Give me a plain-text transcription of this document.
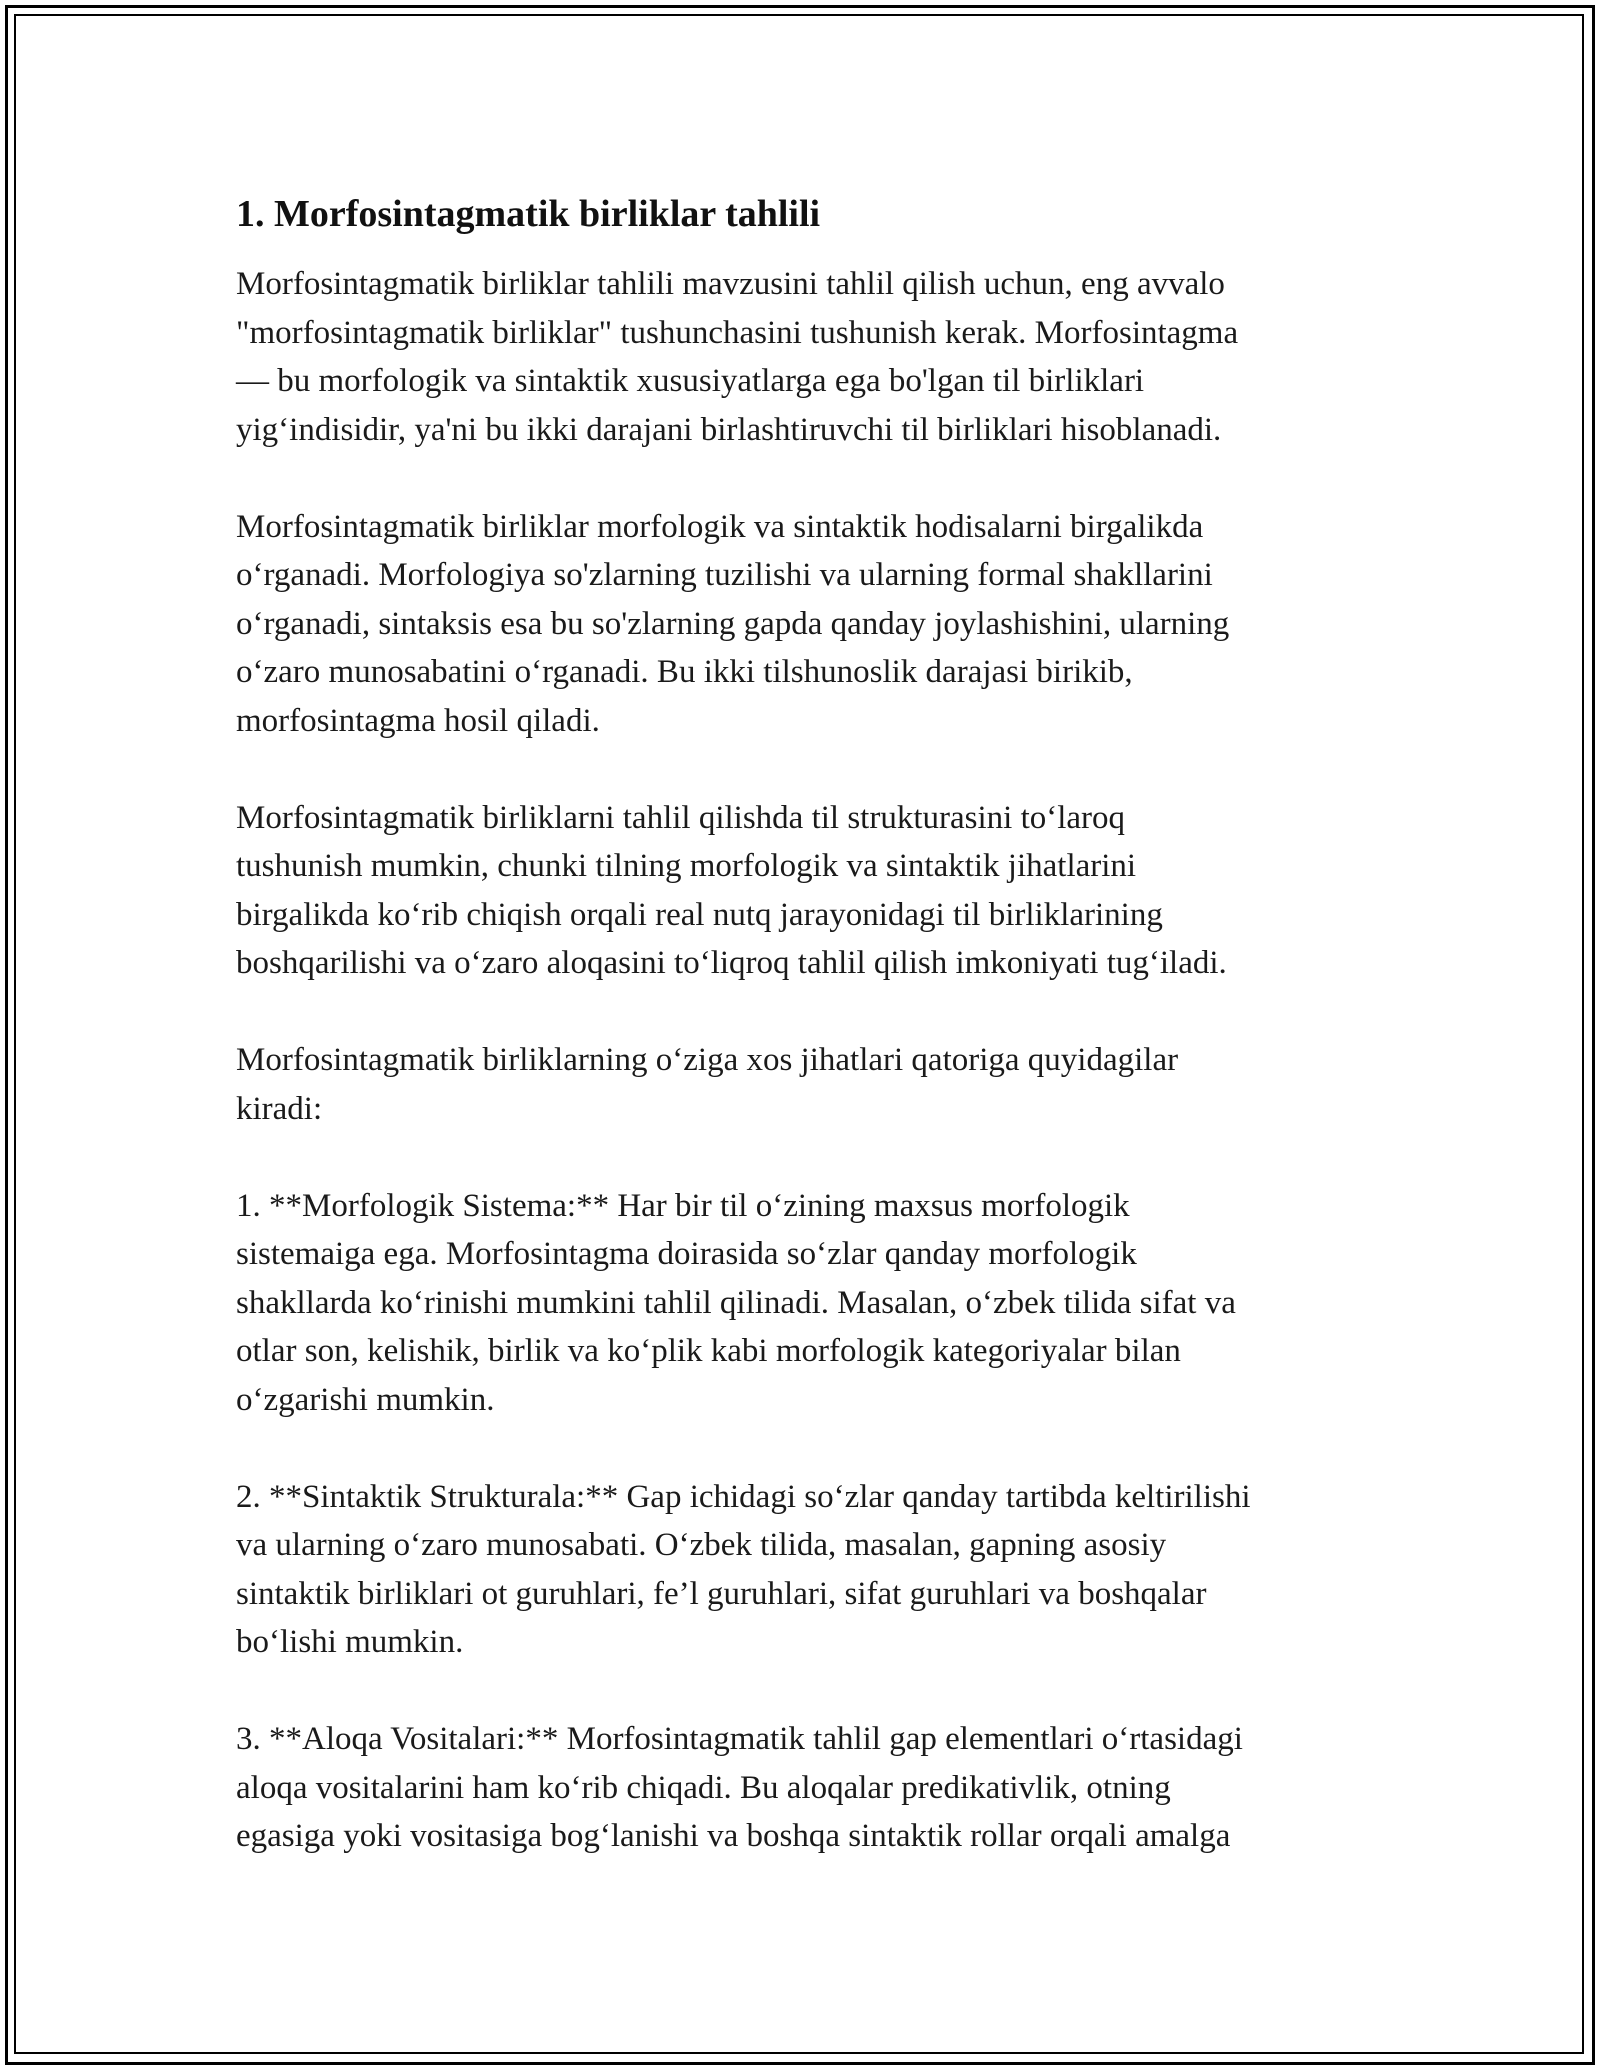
1. Morfosintagmatik birliklar tahlili

Morfosintagmatik birliklar tahlili mavzusini tahlil qilish uchun, eng avvalo
"morfosintagmatik birliklar" tushunchasini tushunish kerak. Morfosintagma
— bu morfologik va sintaktik xususiyatlarga ega bo'lgan til birliklari
yig‘indisidir, ya'ni bu ikki darajani birlashtiruvchi til birliklari hisoblanadi.

Morfosintagmatik birliklar morfologik va sintaktik hodisalarni birgalikda
o‘rganadi. Morfologiya so'zlarning tuzilishi va ularning formal shakllarini
o‘rganadi, sintaksis esa bu so'zlarning gapda qanday joylashishini, ularning
o‘zaro munosabatini o‘rganadi. Bu ikki tilshunoslik darajasi birikib,
morfosintagma hosil qiladi.

Morfosintagmatik birliklarni tahlil qilishda til strukturasini to‘laroq
tushunish mumkin, chunki tilning morfologik va sintaktik jihatlarini
birgalikda ko‘rib chiqish orqali real nutq jarayonidagi til birliklarining
boshqarilishi va o‘zaro aloqasini to‘liqroq tahlil qilish imkoniyati tug‘iladi.

Morfosintagmatik birliklarning o‘ziga xos jihatlari qatoriga quyidagilar
kiradi:

1. **Morfologik Sistema:** Har bir til o‘zining maxsus morfologik
sistemaiga ega. Morfosintagma doirasida so‘zlar qanday morfologik
shakllarda ko‘rinishi mumkini tahlil qilinadi. Masalan, o‘zbek tilida sifat va
otlar son, kelishik, birlik va ko‘plik kabi morfologik kategoriyalar bilan
o‘zgarishi mumkin.

2. **Sintaktik Strukturala:** Gap ichidagi so‘zlar qanday tartibda keltirilishi
va ularning o‘zaro munosabati. O‘zbek tilida, masalan, gapning asosiy
sintaktik birliklari ot guruhlari, fe’l guruhlari, sifat guruhlari va boshqalar
bo‘lishi mumkin.

3. **Aloqa Vositalari:** Morfosintagmatik tahlil gap elementlari o‘rtasidagi
aloqa vositalarini ham ko‘rib chiqadi. Bu aloqalar predikativlik, otning
egasiga yoki vositasiga bog‘lanishi va boshqa sintaktik rollar orqali amalga
